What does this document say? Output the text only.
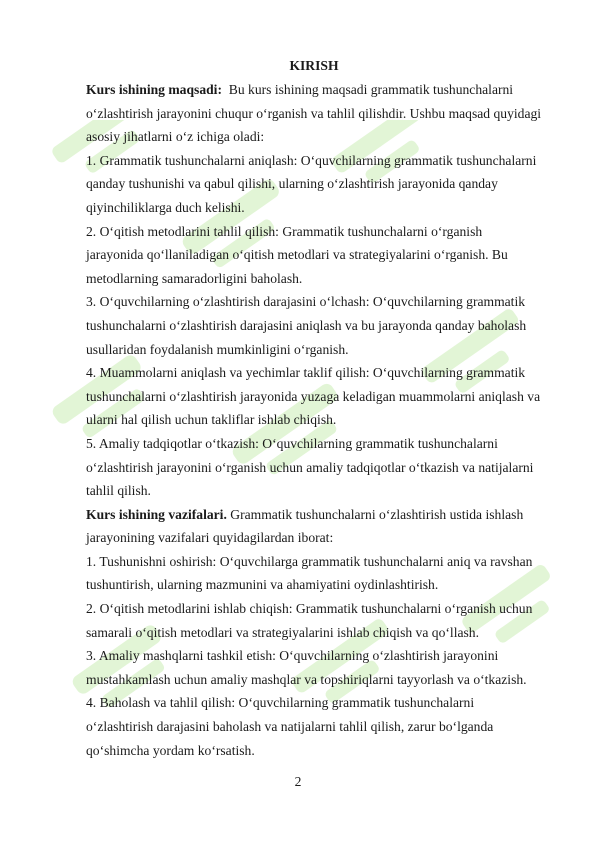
KIRISH

Kurs ishining maqsadi: Bu kurs ishining maqsadi grammatik tushunchalarni o‘zlashtirish jarayonini chuqur o‘rganish va tahlil qilishdir. Ushbu maqsad quyidagi asosiy jihatlarni o‘z ichiga oladi:

1. Grammatik tushunchalarni aniqlash: O‘quvchilarning grammatik tushunchalarni qanday tushunishi va qabul qilishi, ularning o‘zlashtirish jarayonida qanday qiyinchiliklarga duch kelishi.

2. O‘qitish metodlarini tahlil qilish: Grammatik tushunchalarni o‘rganish jarayonida qo‘llaniladigan o‘qitish metodlari va strategiyalarini o‘rganish. Bu metodlarning samaradorligini baholash.

3. O‘quvchilarning o‘zlashtirish darajasini o‘lchash: O‘quvchilarning grammatik tushunchalarni o‘zlashtirish darajasini aniqlash va bu jarayonda qanday baholash usullaridan foydalanish mumkinligini o‘rganish.

4. Muammolarni aniqlash va yechimlar taklif qilish: O‘quvchilarning grammatik tushunchalarni o‘zlashtirish jarayonida yuzaga keladigan muammolarni aniqlash va ularni hal qilish uchun takliflar ishlab chiqish.

5. Amaliy tadqiqotlar o‘tkazish: O‘quvchilarning grammatik tushunchalarni o‘zlashtirish jarayonini o‘rganish uchun amaliy tadqiqotlar o‘tkazish va natijalarni tahlil qilish.

Kurs ishining vazifalari. Grammatik tushunchalarni o‘zlashtirish ustida ishlash jarayonining vazifalari quyidagilardan iborat:

1. Tushunishni oshirish: O‘quvchilarga grammatik tushunchalarni aniq va ravshan tushuntirish, ularning mazmunini va ahamiyatini oydinlashtirish.

2. O‘qitish metodlarini ishlab chiqish: Grammatik tushunchalarni o‘rganish uchun samarali o‘qitish metodlari va strategiyalarini ishlab chiqish va qo‘llash.

3. Amaliy mashqlarni tashkil etish: O‘quvchilarning o‘zlashtirish jarayonini mustahkamlash uchun amaliy mashqlar va topshiriqlarni tayyorlash va o‘tkazish.

4. Baholash va tahlil qilish: O‘quvchilarning grammatik tushunchalarni o‘zlashtirish darajasini baholash va natijalarni tahlil qilish, zarur bo‘lganda qo‘shimcha yordam ko‘rsatish.

2
